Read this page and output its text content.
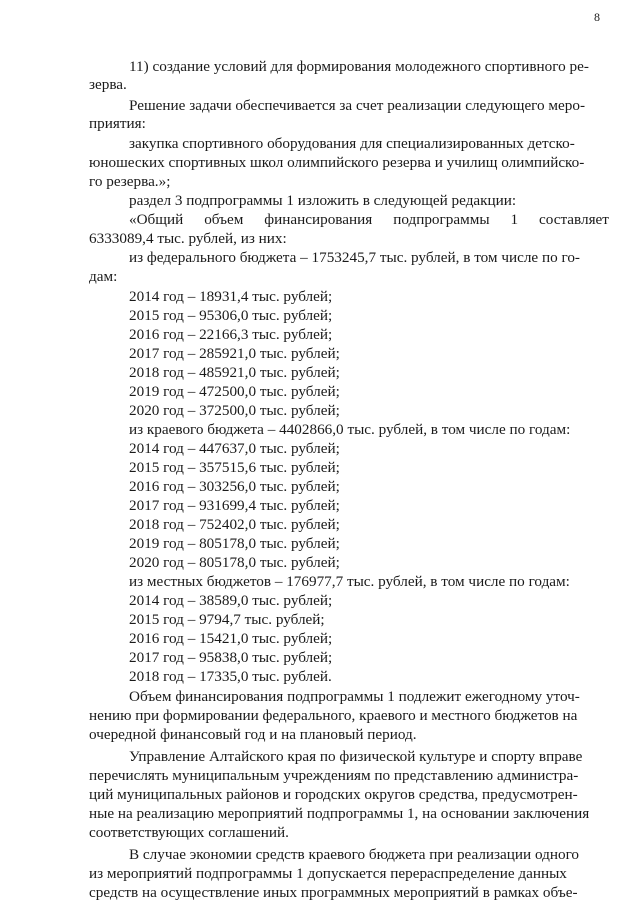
8
11) создание условий для формирования молодежного спортивного ре-
зерва.
Решение задачи обеспечивается за счет реализации следующего меро-
приятия:
закупка спортивного оборудования для специализированных детско-
юношеских спортивных школ олимпийского резерва и училищ олимпийско-
го резерва.»;
раздел 3 подпрограммы 1 изложить в следующей редакции:
«Общий объем финансирования подпрограммы 1 составляет
6333089,4 тыс. рублей, из них:
из федерального бюджета – 1753245,7 тыс. рублей, в том числе по го-
дам:
2014 год – 18931,4 тыс. рублей;
2015 год – 95306,0 тыс. рублей;
2016 год – 22166,3 тыс. рублей;
2017 год – 285921,0 тыс. рублей;
2018 год – 485921,0 тыс. рублей;
2019 год – 472500,0 тыс. рублей;
2020 год – 372500,0 тыс. рублей;
из краевого бюджета – 4402866,0 тыс. рублей, в том числе по годам:
2014 год – 447637,0 тыс. рублей;
2015 год – 357515,6 тыс. рублей;
2016 год – 303256,0 тыс. рублей;
2017 год – 931699,4 тыс. рублей;
2018 год – 752402,0 тыс. рублей;
2019 год – 805178,0 тыс. рублей;
2020 год – 805178,0 тыс. рублей;
из местных бюджетов – 176977,7 тыс. рублей, в том числе по годам:
2014 год – 38589,0 тыс. рублей;
2015 год – 9794,7 тыс. рублей;
2016 год – 15421,0 тыс. рублей;
2017 год – 95838,0 тыс. рублей;
2018 год – 17335,0 тыс. рублей.
Объем финансирования подпрограммы 1 подлежит ежегодному уточ-
нению при формировании федерального, краевого и местного бюджетов на
очередной финансовый год и на плановый период.
Управление Алтайского края по физической культуре и спорту вправе
перечислять муниципальным учреждениям по представлению администра-
ций муниципальных районов и городских округов средства, предусмотрен-
ные на реализацию мероприятий подпрограммы 1, на основании заключения
соответствующих соглашений.
В случае экономии средств краевого бюджета при реализации одного
из мероприятий подпрограммы 1 допускается перераспределение данных
средств на осуществление иных программных мероприятий в рамках объе-
